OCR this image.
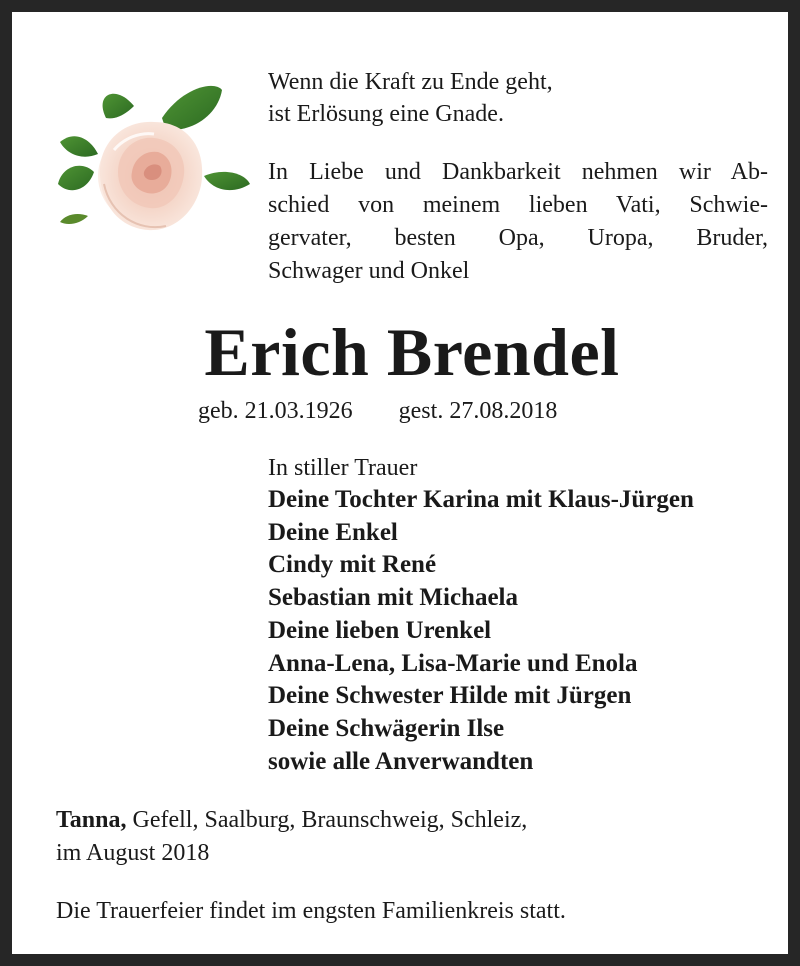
Wenn die Kraft zu Ende geht,
ist Erlösung eine Gnade.
In Liebe und Dankbarkeit nehmen wir Ab-
schied von meinem lieben Vati, Schwie-
gervater, besten Opa, Uropa, Bruder,
Schwager und Onkel
Erich Brendel
geb. 21.03.1926 gest. 27.08.2018
In stiller Trauer
Deine Tochter Karina mit Klaus-Jürgen
Deine Enkel
Cindy mit René
Sebastian mit Michaela
Deine lieben Urenkel
Anna-Lena, Lisa-Marie und Enola
Deine Schwester Hilde mit Jürgen
Deine Schwägerin Ilse
sowie alle Anverwandten
Tanna, Gefell, Saalburg, Braunschweig, Schleiz,
im August 2018
Die Trauerfeier findet im engsten Familienkreis statt.
